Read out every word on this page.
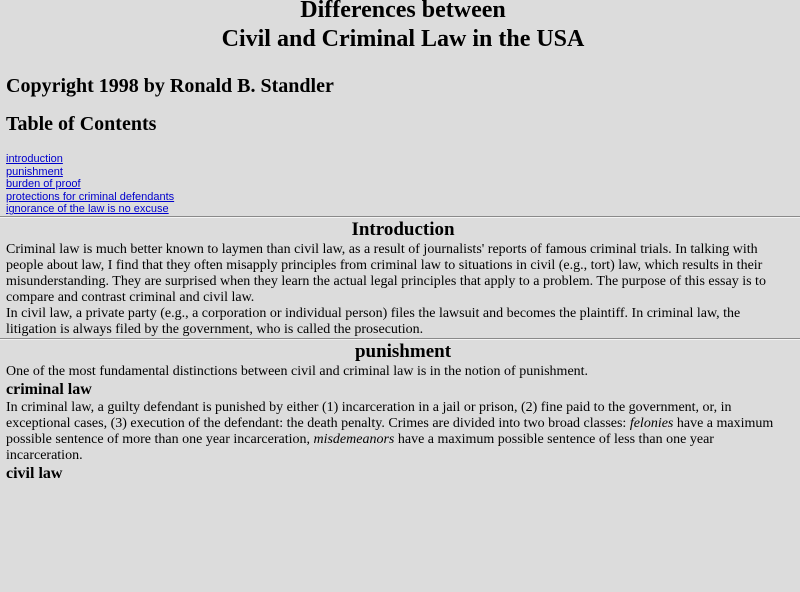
Differences between
Civil and Criminal Law in the USA
Copyright 1998 by Ronald B. Standler
Table of Contents
introduction
punishment
burden of proof
protections for criminal defendants
ignorance of the law is no excuse
Introduction

Criminal law is much better known to laymen than civil law, as a result of journalists' reports of famous criminal trials. In talking with people about law, I find that they often misapply principles from criminal law to situations in civil (e.g., tort) law, which results in their misunderstanding. They are surprised when they learn the actual legal principles that apply to a problem. The purpose of this essay is to compare and contrast criminal and civil law.

In civil law, a private party (e.g., a corporation or individual person) files the lawsuit and becomes the plaintiff. In criminal law, the litigation is always filed by the government, who is called the prosecution.

punishment

One of the most fundamental distinctions between civil and criminal law is in the notion of punishment.

criminal law

In criminal law, a guilty defendant is punished by either (1) incarceration in a jail or prison, (2) fine paid to the government, or, in exceptional cases, (3) execution of the defendant: the death penalty. Crimes are divided into two broad classes: felonies have a maximum possible sentence of more than one year incarceration, misdemeanors have a maximum possible sentence of less than one year incarceration.

civil law
